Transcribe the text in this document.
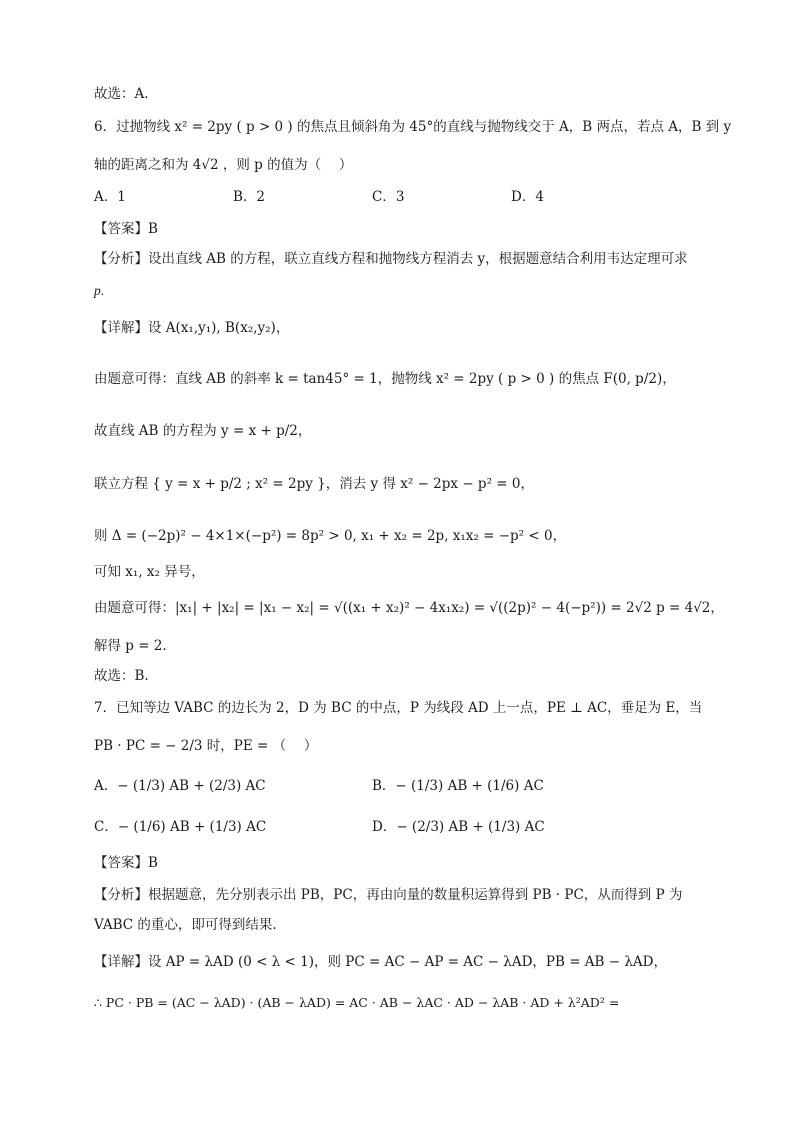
故选：A.
6．过抛物线 x² = 2py ( p > 0 ) 的焦点且倾斜角为 45°的直线与抛物线交于 A，B 两点，若点 A，B 到 y
轴的距离之和为 4√2 ，则 p 的值为（　 ）
A．1	B．2	C．3	D．4
【答案】B
【分析】设出直线 AB 的方程，联立直线方程和抛物线方程消去 y，根据题意结合利用韦达定理可求
p.
【详解】设 A(x₁,y₁), B(x₂,y₂)，
由题意可得：直线 AB 的斜率 k = tan45° = 1，抛物线 x² = 2py ( p > 0 ) 的焦点 F(0, p/2)，
故直线 AB 的方程为 y = x + p/2，
联立方程 { y = x + p/2 ; x² = 2py }，消去 y 得 x² − 2px − p² = 0，
则 Δ = (−2p)² − 4×1×(−p²) = 8p² > 0, x₁ + x₂ = 2p, x₁x₂ = −p² < 0，
可知 x₁, x₂ 异号，
由题意可得：|x₁| + |x₂| = |x₁ − x₂| = √((x₁ + x₂)² − 4x₁x₂) = √((2p)² − 4(−p²)) = 2√2 p = 4√2，
解得 p = 2.
故选：B.
7．已知等边 VABC 的边长为 2，D 为 BC 的中点，P 为线段 AD 上一点，PE ⊥ AC，垂足为 E，当
PB · PC = − 2/3 时，PE = （　 ）
A．− (1/3) AB + (2/3) AC	B．− (1/3) AB + (1/6) AC
C．− (1/6) AB + (1/3) AC	D．− (2/3) AB + (1/3) AC
【答案】B
【分析】根据题意，先分别表示出 PB，PC，再由向量的数量积运算得到 PB · PC，从而得到 P 为
VABC 的重心，即可得到结果.
【详解】设 AP = λAD (0 < λ < 1)，则 PC = AC − AP = AC − λAD，PB = AB − λAD，
∴ PC · PB = (AC − λAD) · (AB − λAD) = AC · AB − λAC · AD − λAB · AD + λ²AD² =
